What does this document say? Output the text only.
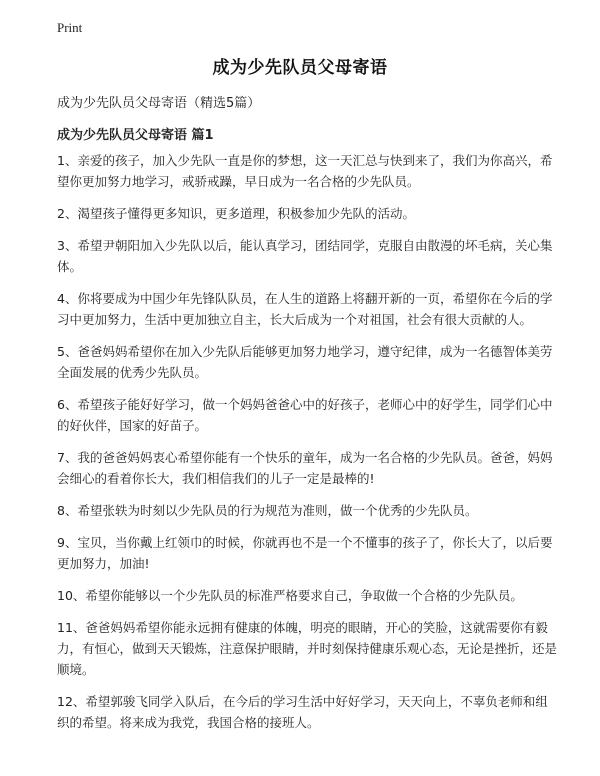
Print
成为少先队员父母寄语
成为少先队员父母寄语（精选5篇）
成为少先队员父母寄语 篇1

1、亲爱的孩子，加入少先队一直是你的梦想，这一天汇总与快到来了，我们为你高兴，希望你更加努力地学习，戒骄戒躁，早日成为一名合格的少先队员。

2、渴望孩子懂得更多知识，更多道理，积极参加少先队的活动。

3、希望尹朝阳加入少先队以后，能认真学习，团结同学，克服自由散漫的坏毛病，关心集体。

4、你将要成为中国少年先锋队队员，在人生的道路上将翻开新的一页，希望你在今后的学习中更加努力，生活中更加独立自主，长大后成为一个对祖国，社会有很大贡献的人。

5、爸爸妈妈希望你在加入少先队后能够更加努力地学习，遵守纪律，成为一名德智体美劳全面发展的优秀少先队员。

6、希望孩子能好好学习，做一个妈妈爸爸心中的好孩子，老师心中的好学生，同学们心中的好伙伴，国家的好苗子。

7、我的爸爸妈妈衷心希望你能有一个快乐的童年，成为一名合格的少先队员。爸爸，妈妈会细心的看着你长大，我们相信我们的儿子一定是最棒的!

8、希望张轶为时刻以少先队员的行为规范为准则，做一个优秀的少先队员。

9、宝贝，当你戴上红领巾的时候，你就再也不是一个不懂事的孩子了，你长大了，以后要更加努力，加油!

10、希望你能够以一个少先队员的标准严格要求自己，争取做一个合格的少先队员。

11、爸爸妈妈希望你能永远拥有健康的体魄，明亮的眼睛，开心的笑脸，这就需要你有毅力，有恒心，做到天天锻炼，注意保护眼睛，并时刻保持健康乐观心态，无论是挫折，还是顺境。

12、希望郭骏飞同学入队后，在今后的学习生活中好好学习，天天向上，不辜负老师和组织的希望。将来成为我党，我国合格的接班人。
